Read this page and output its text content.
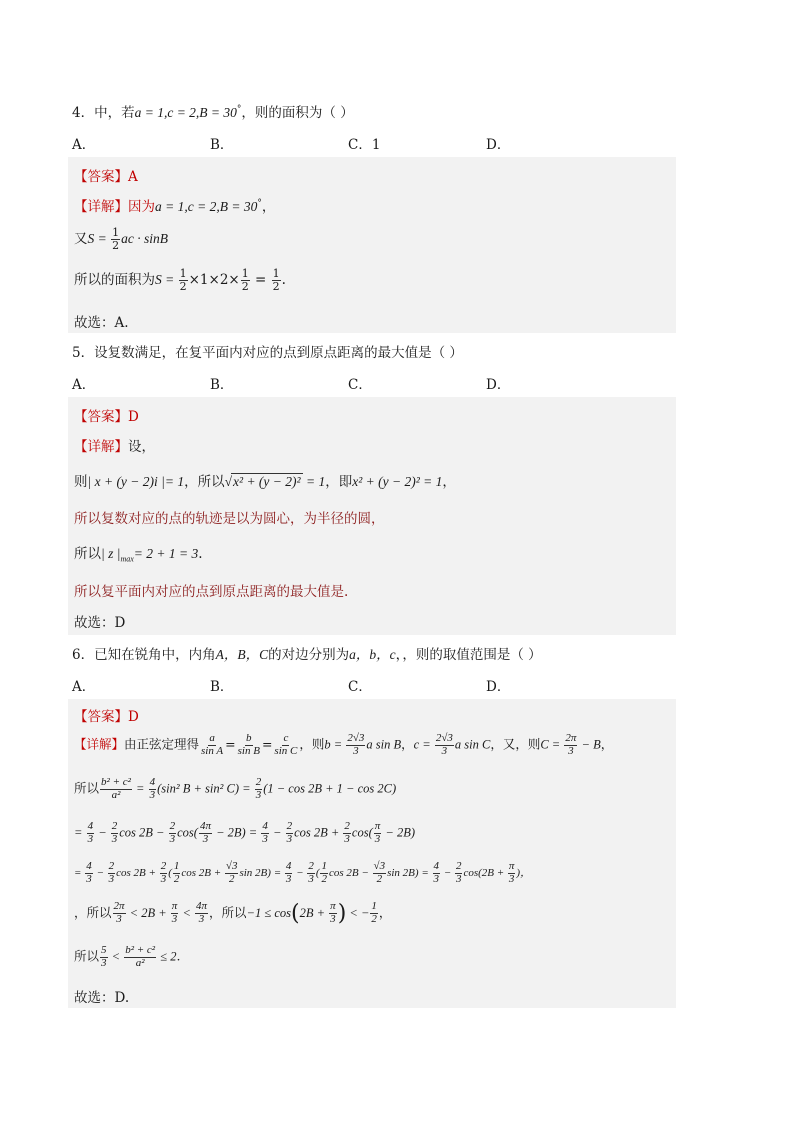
4．中，若a = 1,c = 2,B = 30°，则的面积为（ ）
A．	B．	C．1	D．
【答案】A
【详解】因为a = 1,c = 2,B = 30°，
又$S = \frac{1}{2}$ ac · sinB
所以的面积为$S = \frac{1}{2} \times 1\times 2\times \frac{1}{2} = \frac{1}{2}$ .
故选：A.
5．设复数满足，在复平面内对应的点到原点距离的最大值是（ ）
A．	B．	C．	D．
【答案】D
【详解】设，
则| x + (y − 2)i |= 1，所以√x² + (y − 2)² = 1，即x² + (y − 2)² = 1，
所以复数对应的点的轨迹是以为圆心，为半径的圆，
所以| z $|_{max}= 2 + 1 = 3$.
所以复平面内对应的点到原点距离的最大值是.
故选：D
6．已知在锐角中，内角A，B，C的对边分别为a，b，c，，则的取值范围是（ ）
A．	B．	C．	D．
【答案】D
【详解】由正弦定理得 $\frac{a}{\text{sin A}} = \frac{b}{\text{sin B}} = \frac{c}{\text{sin C}}$ ，则$b = \frac{2√3}{3}$ a sin B，$c = \frac{2√3}{3}$ a sin C，又，则$C = \frac{2\pi}{3} - B$，
所以 $\frac{\text{b² + c²}}{\text{a²}} = \frac{4}{3} (\sin^2$ B + sin² $C) = \frac{2}{3} (1 - \cos 2B + 1 - \cos 2C)$
= $\frac{4}{3} - \frac{2}{3}$ $\cos 2B - \frac{2}{3} \cos( \frac{4\pi}{3} - 2B) = \frac{4}{3} - \frac{2}{3}$ $\cos 2B + \frac{2}{3} \cos( \frac{\pi}{3} - 2B)$
= $\frac{4}{3} - \frac{2}{3}$ $\cos 2B + \frac{2}{3}$ ( $\frac{1}{2}$ $\cos 2B + \frac{√3}{2}$ $\sin 2B) = \frac{4}{3} - \frac{2}{3}$ ( $\frac{1}{2}$ $\cos 2B - \frac{√3}{2}$ $\sin 2B) = \frac{4}{3} - \frac{2}{3} \cos(2B + \frac{\pi}{3}$ )，
，所以 $\frac{2\pi}{3} < 2B + \frac{\pi}{3} < \frac{4\pi}{3}$ ，所以$-1 \le \cos(2B + \frac{\pi}{3}$ ) < − $\frac{1}{2}$ ，
所以 $\frac{5}{3} < \frac{\text{b² + c²}}{\text{a²}} \le 2$.
故选：D.
